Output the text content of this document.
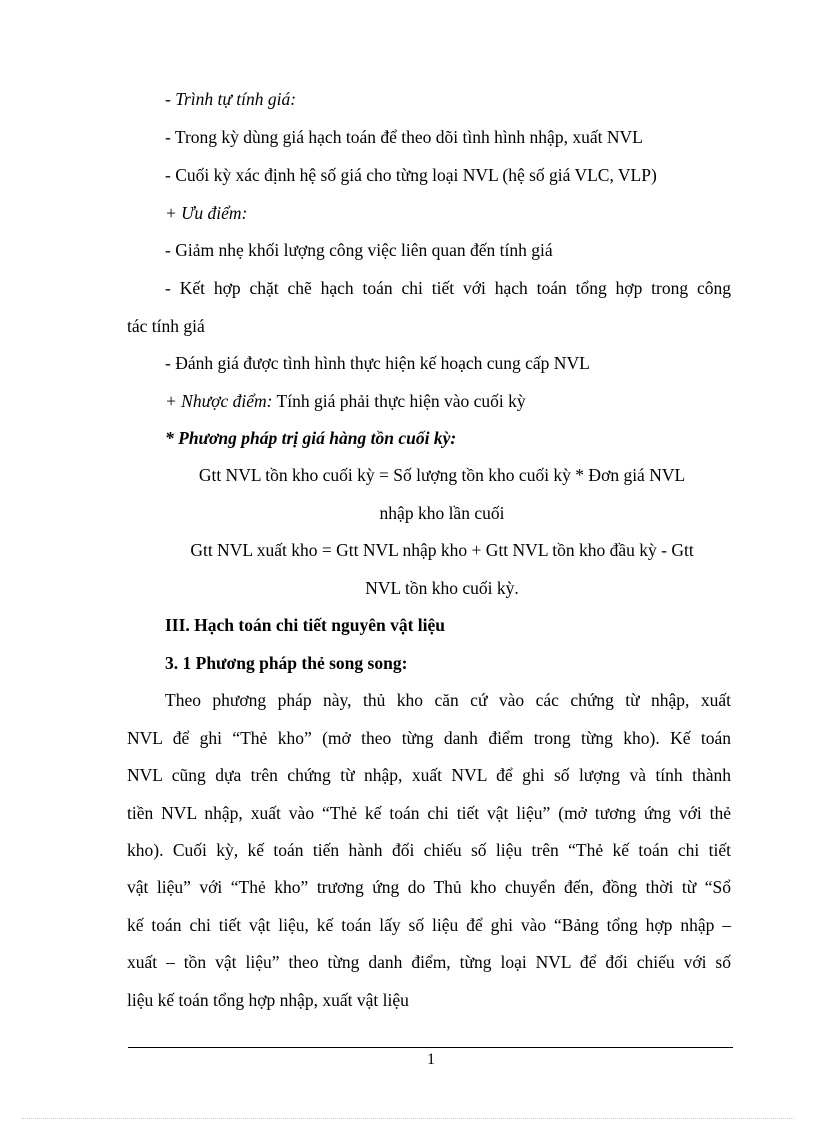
- Trình tự tính giá:
- Trong kỳ dùng giá hạch toán để theo dõi tình hình nhập, xuất NVL
- Cuối kỳ xác định hệ số giá cho từng loại NVL (hệ số giá VLC, VLP)
+ Ưu điểm:
- Giảm nhẹ khối lượng công việc liên quan đến tính giá
- Kết hợp chặt chẽ hạch toán chi tiết với hạch toán tổng hợp trong công
tác tính giá
- Đánh giá được tình hình thực hiện kế hoạch cung cấp NVL
+ Nhược điểm: Tính giá phải thực hiện vào cuối kỳ
* Phương pháp trị giá hàng tồn cuối kỳ:
Gtt NVL tồn kho cuối kỳ = Số lượng tồn kho cuối kỳ * Đơn giá NVL
nhập kho lần cuối
Gtt NVL xuất kho = Gtt NVL nhập kho + Gtt NVL tồn kho đầu kỳ - Gtt
NVL tồn kho cuối kỳ.
III. Hạch toán chi tiết nguyên vật liệu
3. 1 Phương pháp thẻ song song:
Theo phương pháp này, thủ kho căn cứ vào các chứng từ nhập, xuất
NVL để ghi “Thẻ kho” (mở theo từng danh điểm trong từng kho). Kế toán
NVL cũng dựa trên chứng từ nhập, xuất NVL để ghi số lượng và tính thành
tiền NVL nhập, xuất vào “Thẻ kế toán chi tiết vật liệu” (mở tương ứng với thẻ
kho). Cuối kỳ, kế toán tiến hành đối chiếu số liệu trên “Thẻ kế toán chi tiết
vật liệu” với “Thẻ kho” trương ứng do Thủ kho chuyển đến, đồng thời từ “Sổ
kế toán chi tiết vật liệu, kế toán lấy số liệu để ghi vào “Bảng tổng hợp nhập –
xuất – tồn vật liệu” theo từng danh điểm, từng loại NVL để đối chiếu với số
liệu kế toán tổng hợp nhập, xuất vật liệu
1
